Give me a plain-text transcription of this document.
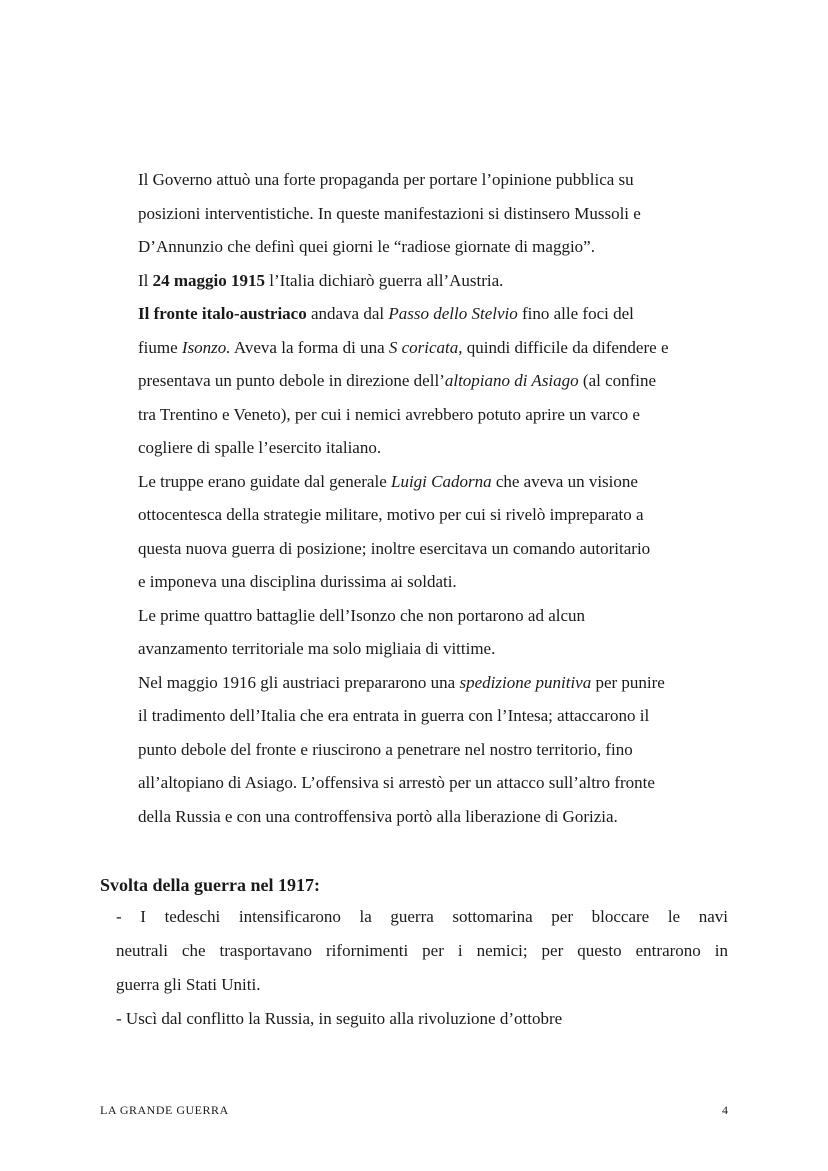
Il Governo attuò una forte propaganda per portare l’opinione pubblica su
posizioni interventistiche. In queste manifestazioni si distinsero Mussoli e
D’Annunzio che definì quei giorni le “radiose giornate di maggio”.
Il 24 maggio 1915 l’Italia dichiarò guerra all’Austria.
Il fronte italo-austriaco andava dal Passo dello Stelvio fino alle foci del
fiume Isonzo. Aveva la forma di una S coricata, quindi difficile da difendere e
presentava un punto debole in direzione dell’altopiano di Asiago (al confine
tra Trentino e Veneto), per cui i nemici avrebbero potuto aprire un varco e
cogliere di spalle l’esercito italiano.
Le truppe erano guidate dal generale Luigi Cadorna che aveva un visione
ottocentesca della strategie militare, motivo per cui si rivelò impreparato a
questa nuova guerra di posizione; inoltre esercitava un comando autoritario
e imponeva una disciplina durissima ai soldati.
Le prime quattro battaglie dell’Isonzo che non portarono ad alcun
avanzamento territoriale ma solo migliaia di vittime.
Nel maggio 1916 gli austriaci prepararono una spedizione punitiva per punire
il tradimento dell’Italia che era entrata in guerra con l’Intesa; attaccarono il
punto debole del fronte e riuscirono a penetrare nel nostro territorio, fino
all’altopiano di Asiago. L’offensiva si arrestò per un attacco sull’altro fronte
della Russia e con una controffensiva portò alla liberazione di Gorizia.
Svolta della guerra nel 1917:
- I tedeschi intensificarono la guerra sottomarina per bloccare le navi
neutrali che trasportavano rifornimenti per i nemici; per questo entrarono in
guerra gli Stati Uniti.
- Uscì dal conflitto la Russia, in seguito alla rivoluzione d’ottobre
LA GRANDE GUERRA	4
